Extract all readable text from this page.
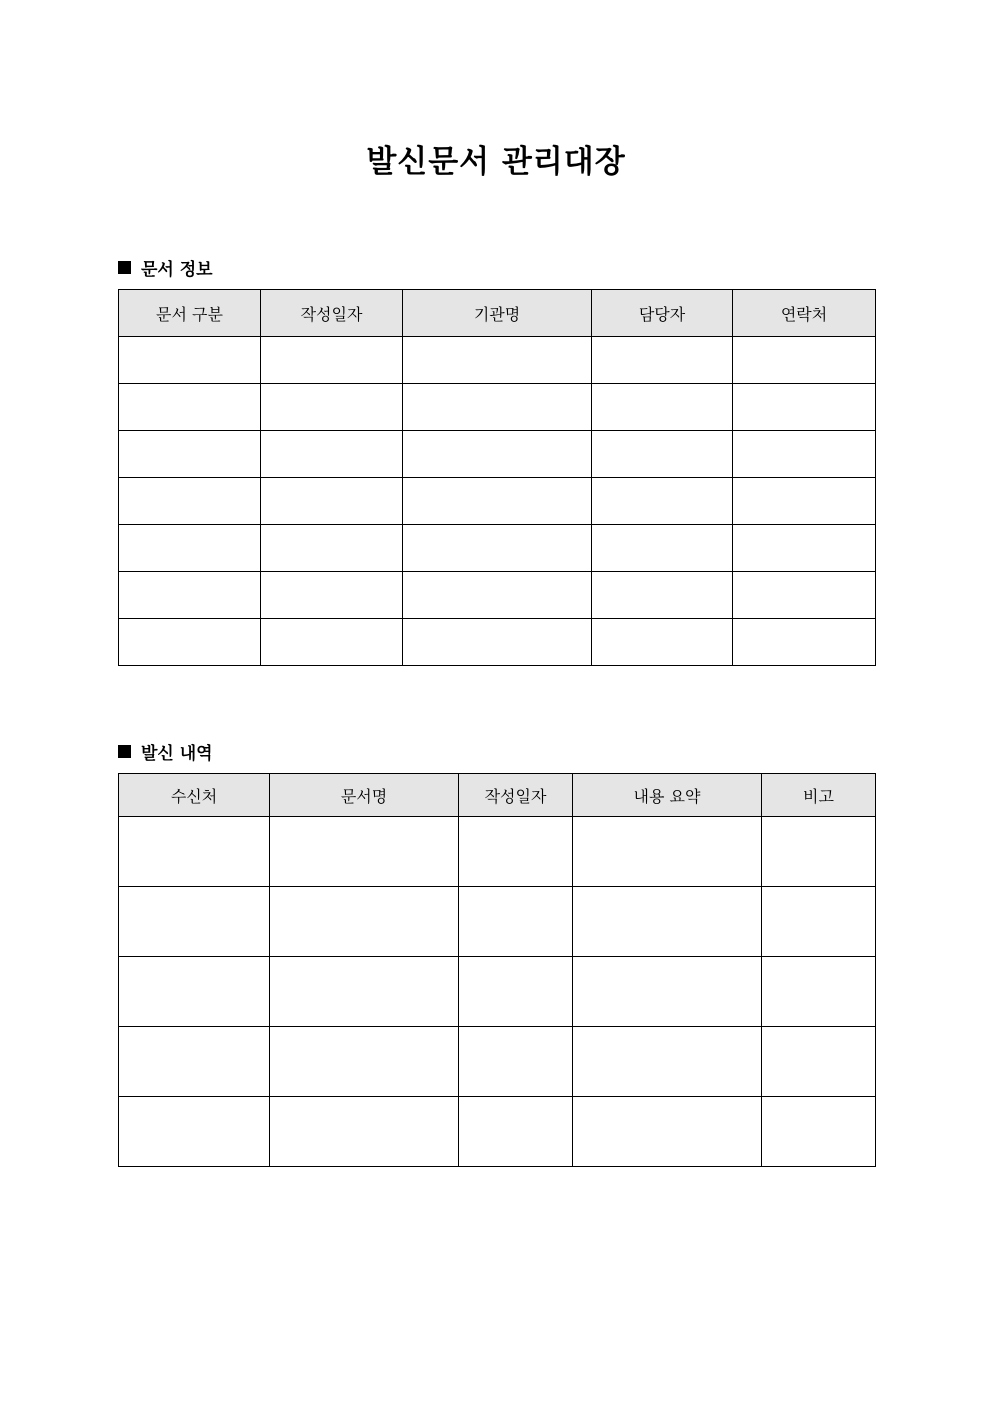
발신문서 관리대장
문서 정보
문서 구분	작성일자	기관명	담당자	연락처

발신 내역
수신처	문서명	작성일자	내용 요약	비고
